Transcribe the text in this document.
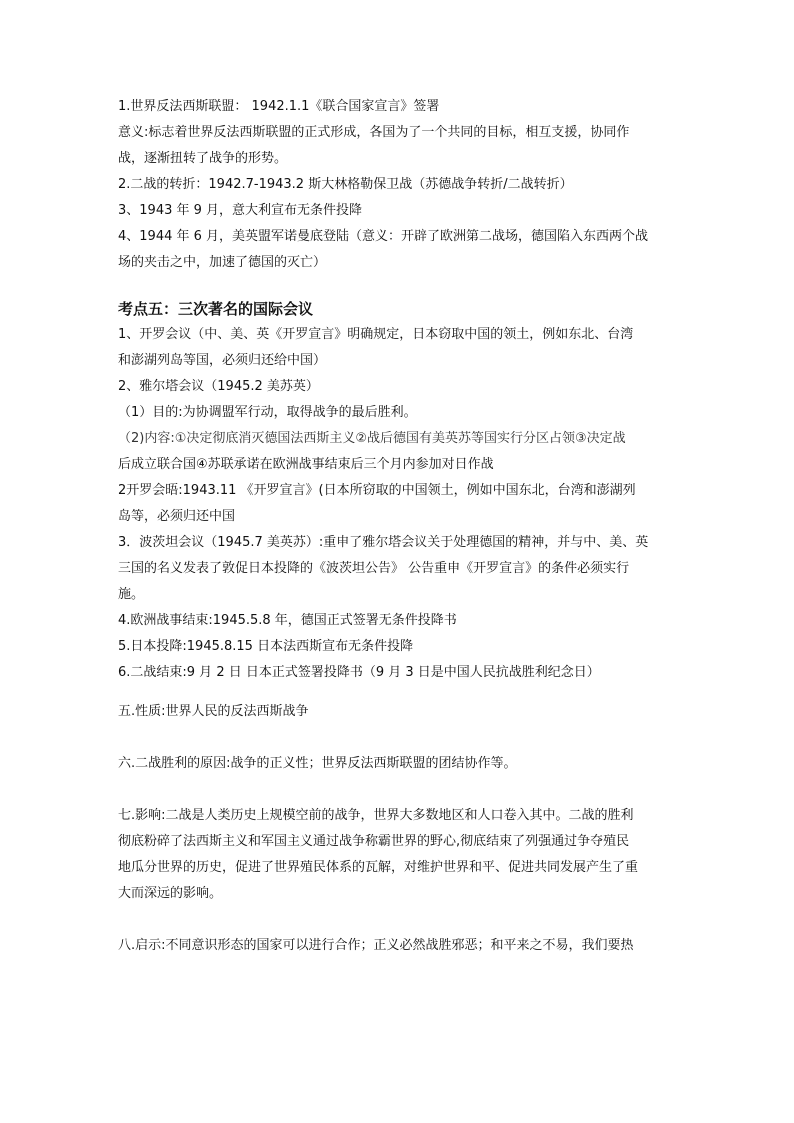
1.世界反法西斯联盟： 1942.1.1《联合国家宣言》签署
意义:标志着世界反法西斯联盟的正式形成，各国为了一个共同的目标，相互支援，协同作
战，逐渐扭转了战争的形势。
2.二战的转折：1942.7-1943.2 斯大林格勒保卫战（苏德战争转折/二战转折）
3、1943 年 9 月，意大利宣布无条件投降
4、1944 年 6 月，美英盟军诺曼底登陆（意义：开辟了欧洲第二战场，德国陷入东西两个战
场的夹击之中，加速了德国的灭亡）
考点五：三次著名的国际会议
1、开罗会议（中、美、英《开罗宣言》明确规定，日本窃取中国的领土，例如东北、台湾
和澎湖列岛等国，必须归还给中国）
2、雅尔塔会议（1945.2 美苏英）
（1）目的:为协调盟军行动，取得战争的最后胜利。
（2)内容:①决定彻底消灭德国法西斯主义②战后德国有美英苏等国实行分区占领③决定战
后成立联合国④苏联承诺在欧洲战事结束后三个月内参加对日作战
2开罗会晤:1943.11 《开罗宣言》(日本所窃取的中国领土，例如中国东北，台湾和澎湖列
岛等，必须归还中国
3．波茨坦会议（1945.7 美英苏）:重申了雅尔塔会议关于处理德国的精神，并与中、美、英
三国的名义发表了敦促日本投降的《波茨坦公告》 公告重申《开罗宣言》的条件必须实行
施。
4.欧洲战事结束:1945.5.8 年，德国正式签署无条件投降书
5.日本投降:1945.8.15 日本法西斯宣布无条件投降
6.二战结束:9 月 2 日 日本正式签署投降书（9 月 3 日是中国人民抗战胜利纪念日）
五.性质:世界人民的反法西斯战争
六.二战胜利的原因:战争的正义性；世界反法西斯联盟的团结协作等。
七.影响:二战是人类历史上规模空前的战争，世界大多数地区和人口卷入其中。二战的胜利
彻底粉碎了法西斯主义和军国主义通过战争称霸世界的野心,彻底结束了列强通过争夺殖民
地瓜分世界的历史，促进了世界殖民体系的瓦解，对维护世界和平、促进共同发展产生了重
大而深远的影响。
八.启示:不同意识形态的国家可以进行合作；正义必然战胜邪恶；和平来之不易，我们要热
